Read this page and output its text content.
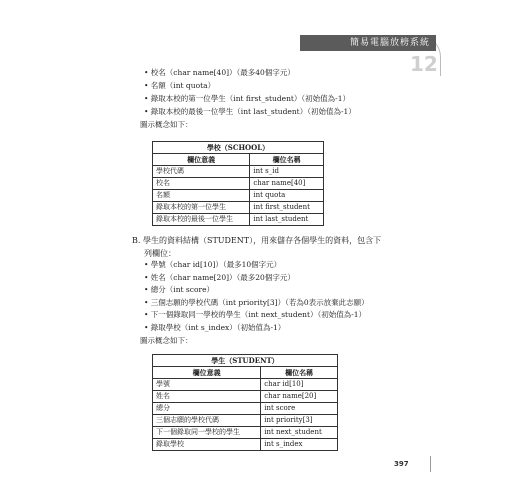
簡易電腦放榜系統
12
• 校名（char name[40]）（最多40個字元）
• 名額（int quota）
• 錄取本校的第一位學生（int first_student）（初始值為-1）
• 錄取本校的最後一位學生（int last_student）（初始值為-1）
圖示概念如下：
學校（SCHOOL）	
欄位意義	欄位名稱
學校代碼	int s_id
校名	char name[40]
名額	int quota
錄取本校的第一位學生	int first_student
錄取本校的最後一位學生	int last_student
B. 學生的資料結構（STUDENT），用來儲存各個學生的資料，包含下
列欄位：
• 學號（char id[10]）（最多10個字元）
• 姓名（char name[20]）（最多20個字元）
• 總分（int score）
• 三個志願的學校代碼（int priority[3]）（若為0表示放棄此志願）
• 下一個錄取同一學校的學生（int next_student）（初始值為-1）
• 錄取學校（int s_index）（初始值為-1）
圖示概念如下：
學生（STUDENT）	
欄位意義	欄位名稱
學號	char id[10]
姓名	char name[20]
總分	int score
三個志願的學校代碼	int priority[3]
下一個錄取同一學校的學生	int next_student
錄取學校	int s_index
397
